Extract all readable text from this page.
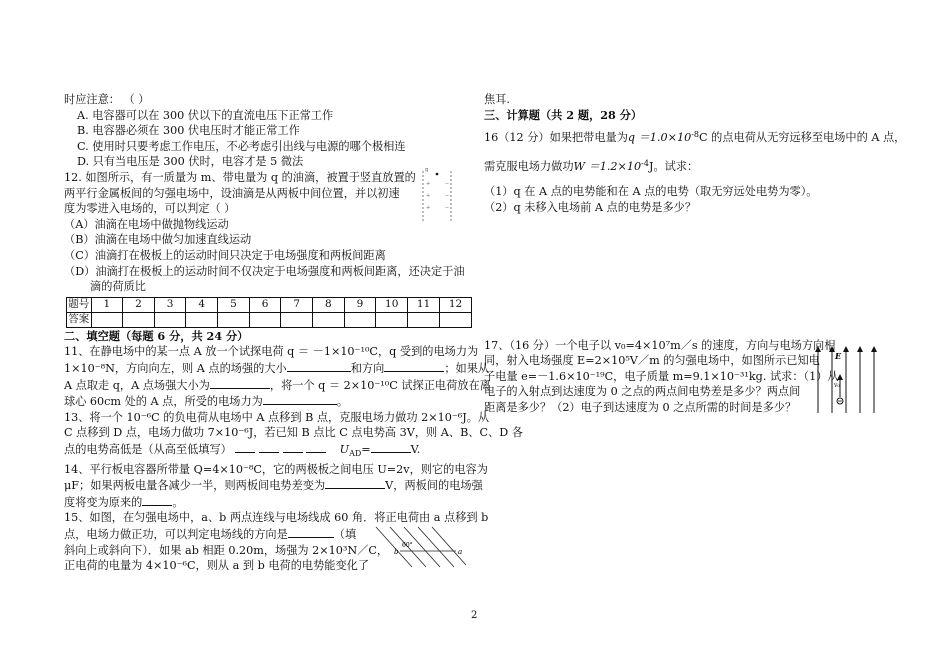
时应注意： （ ）
A. 电容器可以在 300 伏以下的直流电压下正常工作
B. 电容器必须在 300 伏电压时才能正常工作
C. 使用时只要考虑工作电压，不必考虑引出线与电源的哪个极相连
D. 只有当电压是 300 伏时，电容才是 5 微法
12. 如图所示，有一质量为 m、带电量为 q 的油滴，被置于竖直放置的
两平行金属板间的匀强电场中，设油滴是从两板中间位置，并以初速
度为零进入电场的，可以判定（ ）
（A）油滴在电场中做抛物线运动
（B）油滴在电场中做匀加速直线运动
（C）油滴打在极板上的运动时间只决定于电场强度和两板间距离
（D）油滴打在极板上的运动时间不仅决定于电场强度和两板间距离，还决定于油
滴的荷质比
题号	1	2	3	4	5	6	7	8	9	10	11	12
答案												
二、填空题（每题 6 分，共 24 分）
11、在静电场中的某一点 A 放一个试探电荷 q ＝ －1×10⁻¹⁰C，q 受到的电场力为
1×10⁻⁸N，方向向左，则 A 点的场强的大小	和方向	；如果从
A 点取走 q，A 点场强大小为	，将一个 q ＝ 2×10⁻¹⁰C 试探正电荷放在离
球心 60cm 处的 A 点，所受的电场力为	。
13、将一个 10⁻⁶C 的负电荷从电场中 A 点移到 B 点，克服电场力做功 2×10⁻⁶J。从
C 点移到 D 点，电场力做功 7×10⁻⁶J，若已知 B 点比 C 点电势高 3V，则 A、B、C、D 各
点的电势高低是（从高至低填写）	$U_{AD}=$	V.
14、平行板电容器所带量 Q=4×10⁻⁸C，它的两极板之间电压 U=2v，则它的电容为
μF；如果两板电量各减少一半，则两板间电势差变为	V，两板间的电场强
度将变为原来的	。
15、如图，在匀强电场中，a、b 两点连线与电场线成 60 角．将正电荷由 a 点移到 b
点，电场力做正功，可以判定电场线的方向是	（填
斜向上或斜向下）．如果 ab 相距 0.20m，场强为 2×10³N／C，
正电荷的电量为 4×10⁻⁶C，则从 a 到 b 电荷的电势能变化了
q
+
+
+
−
−
−
60°
b	a
焦耳.
三、计算题（共 2 题，28 分）
16（12 分）如果把带电量为$q =1.0\times 10^{-8}C$ 的点电荷从无穷远移至电场中的 A 点，
需克服电场力做功$W =1.2\times 10^{-4}J$。试求：
（1）q 在 A 点的电势能和在 A 点的电势（取无穷远处电势为零）。
（2）q 未移入电场前 A 点的电势是多少？
17、（16 分）一个电子以 v₀=4×10⁷m／s 的速度，方向与电场方向相
同，射入电场强度 E=2×10⁵V／m 的匀强电场中，如图所示已知电
子电量 e=－1.6×10⁻¹⁹C，电子质量 m=9.1×10⁻³¹kg. 试求：（1）从
电子的入射点到达速度为 0 之点的两点间电势差是多少？两点间
距离是多少？（2）电子到达速度为 0 之点所需的时间是多少？
E
v₀
2
